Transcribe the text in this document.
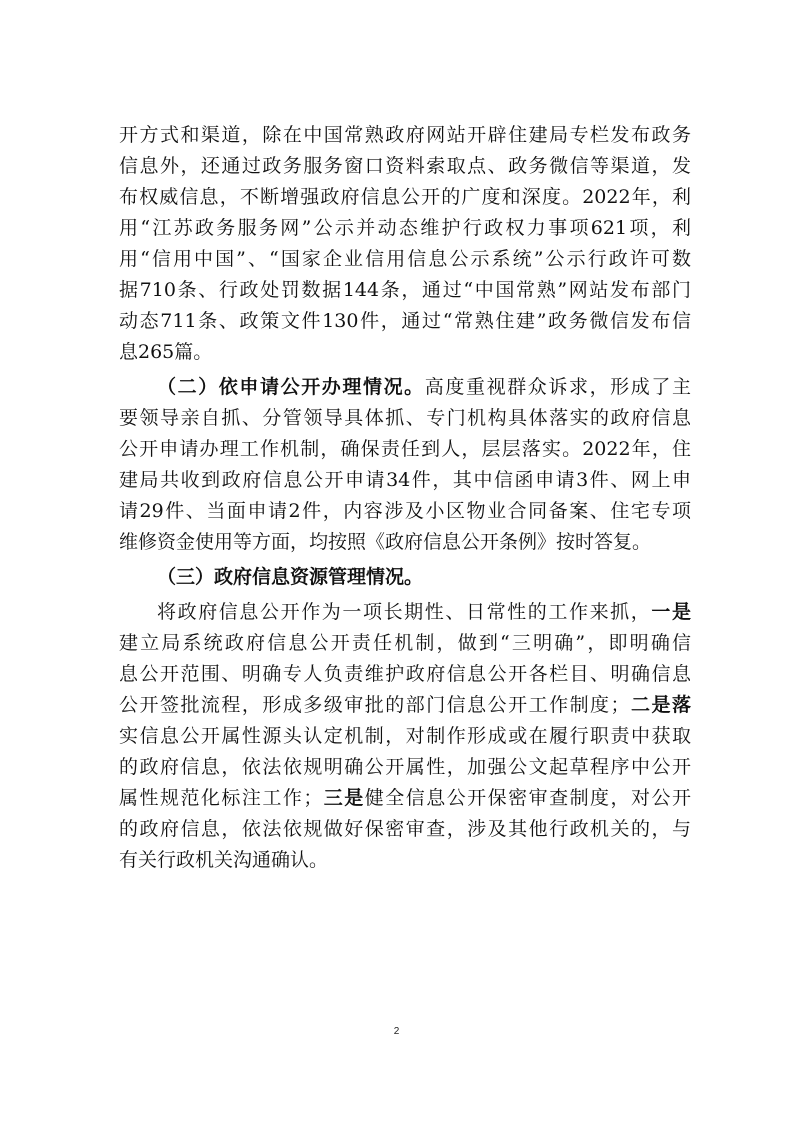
开方式和渠道，除在中国常熟政府网站开辟住建局专栏发布政务
信息外，还通过政务服务窗口资料索取点、政务微信等渠道，发
布权威信息，不断增强政府信息公开的广度和深度。2022年，利
用“江苏政务服务网”公示并动态维护行政权力事项621项，利
用“信用中国”、“国家企业信用信息公示系统”公示行政许可数
据710条、行政处罚数据144条，通过“中国常熟”网站发布部门
动态711条、政策文件130件，通过“常熟住建”政务微信发布信
息265篇。
（二）依申请公开办理情况。高度重视群众诉求，形成了主
要领导亲自抓、分管领导具体抓、专门机构具体落实的政府信息
公开申请办理工作机制，确保责任到人，层层落实。2022年，住
建局共收到政府信息公开申请34件，其中信函申请3件、网上申
请29件、当面申请2件，内容涉及小区物业合同备案、住宅专项
维修资金使用等方面，均按照《政府信息公开条例》按时答复。
（三）政府信息资源管理情况。
将政府信息公开作为一项长期性、日常性的工作来抓，一是
建立局系统政府信息公开责任机制，做到“三明确”，即明确信
息公开范围、明确专人负责维护政府信息公开各栏目、明确信息
公开签批流程，形成多级审批的部门信息公开工作制度；二是落
实信息公开属性源头认定机制，对制作形成或在履行职责中获取
的政府信息，依法依规明确公开属性，加强公文起草程序中公开
属性规范化标注工作；三是健全信息公开保密审查制度，对公开
的政府信息，依法依规做好保密审查，涉及其他行政机关的，与
有关行政机关沟通确认。
2
